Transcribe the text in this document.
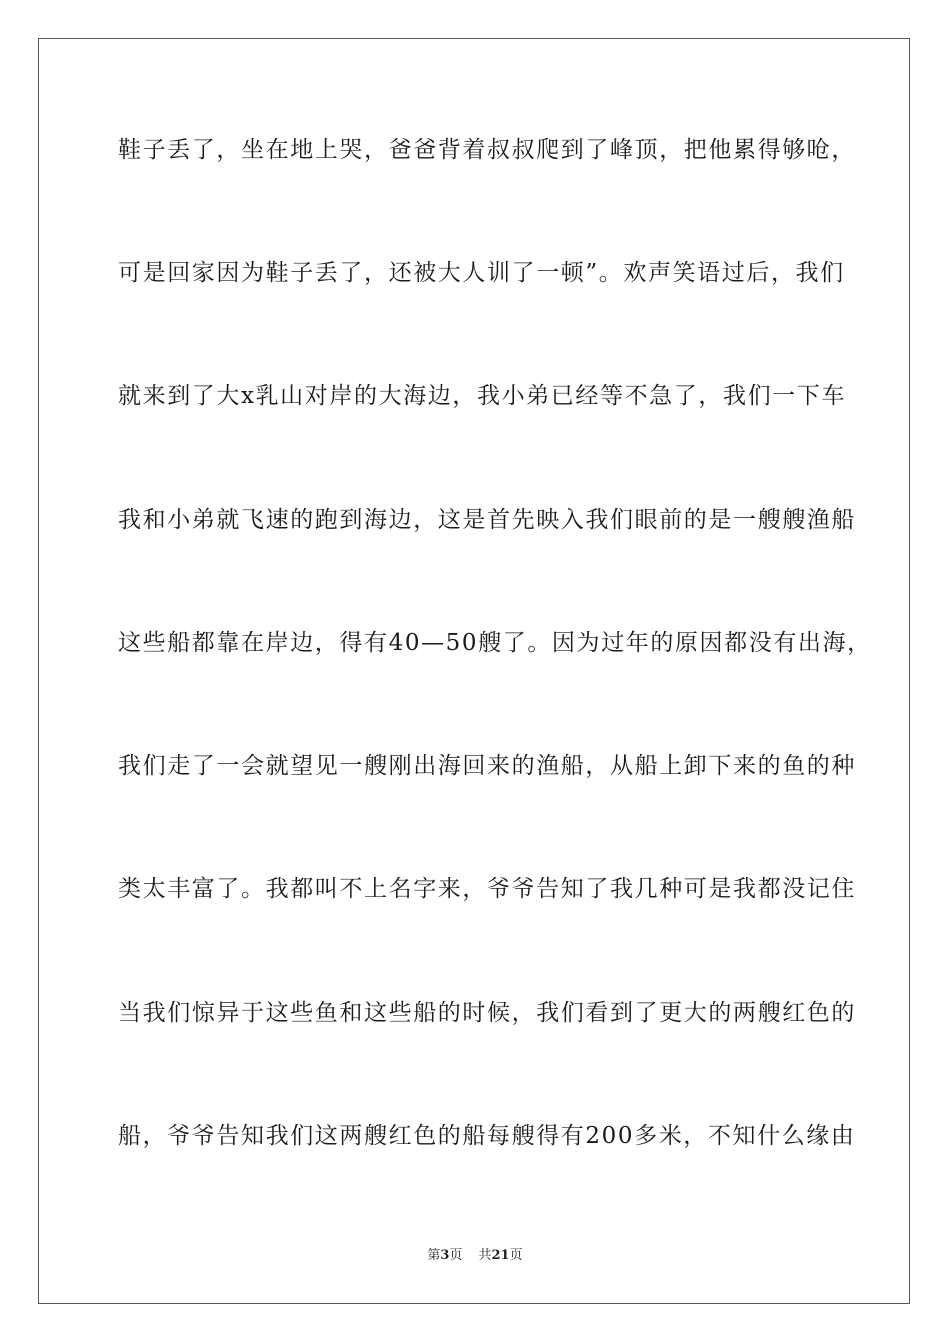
鞋子丢了，坐在地上哭，爸爸背着叔叔爬到了峰顶，把他累得够呛，
可是回家因为鞋子丢了，还被大人训了一顿”。欢声笑语过后，我们
就来到了大x乳山对岸的大海边，我小弟已经等不急了，我们一下车
我和小弟就飞速的跑到海边，这是首先映入我们眼前的是一艘艘渔船
这些船都靠在岸边，得有40—50艘了。因为过年的原因都没有出海，
我们走了一会就望见一艘刚出海回来的渔船，从船上卸下来的鱼的种
类太丰富了。我都叫不上名字来，爷爷告知了我几种可是我都没记住
当我们惊异于这些鱼和这些船的时候，我们看到了更大的两艘红色的
船，爷爷告知我们这两艘红色的船每艘得有200多米，不知什么缘由
第3页 共21页
